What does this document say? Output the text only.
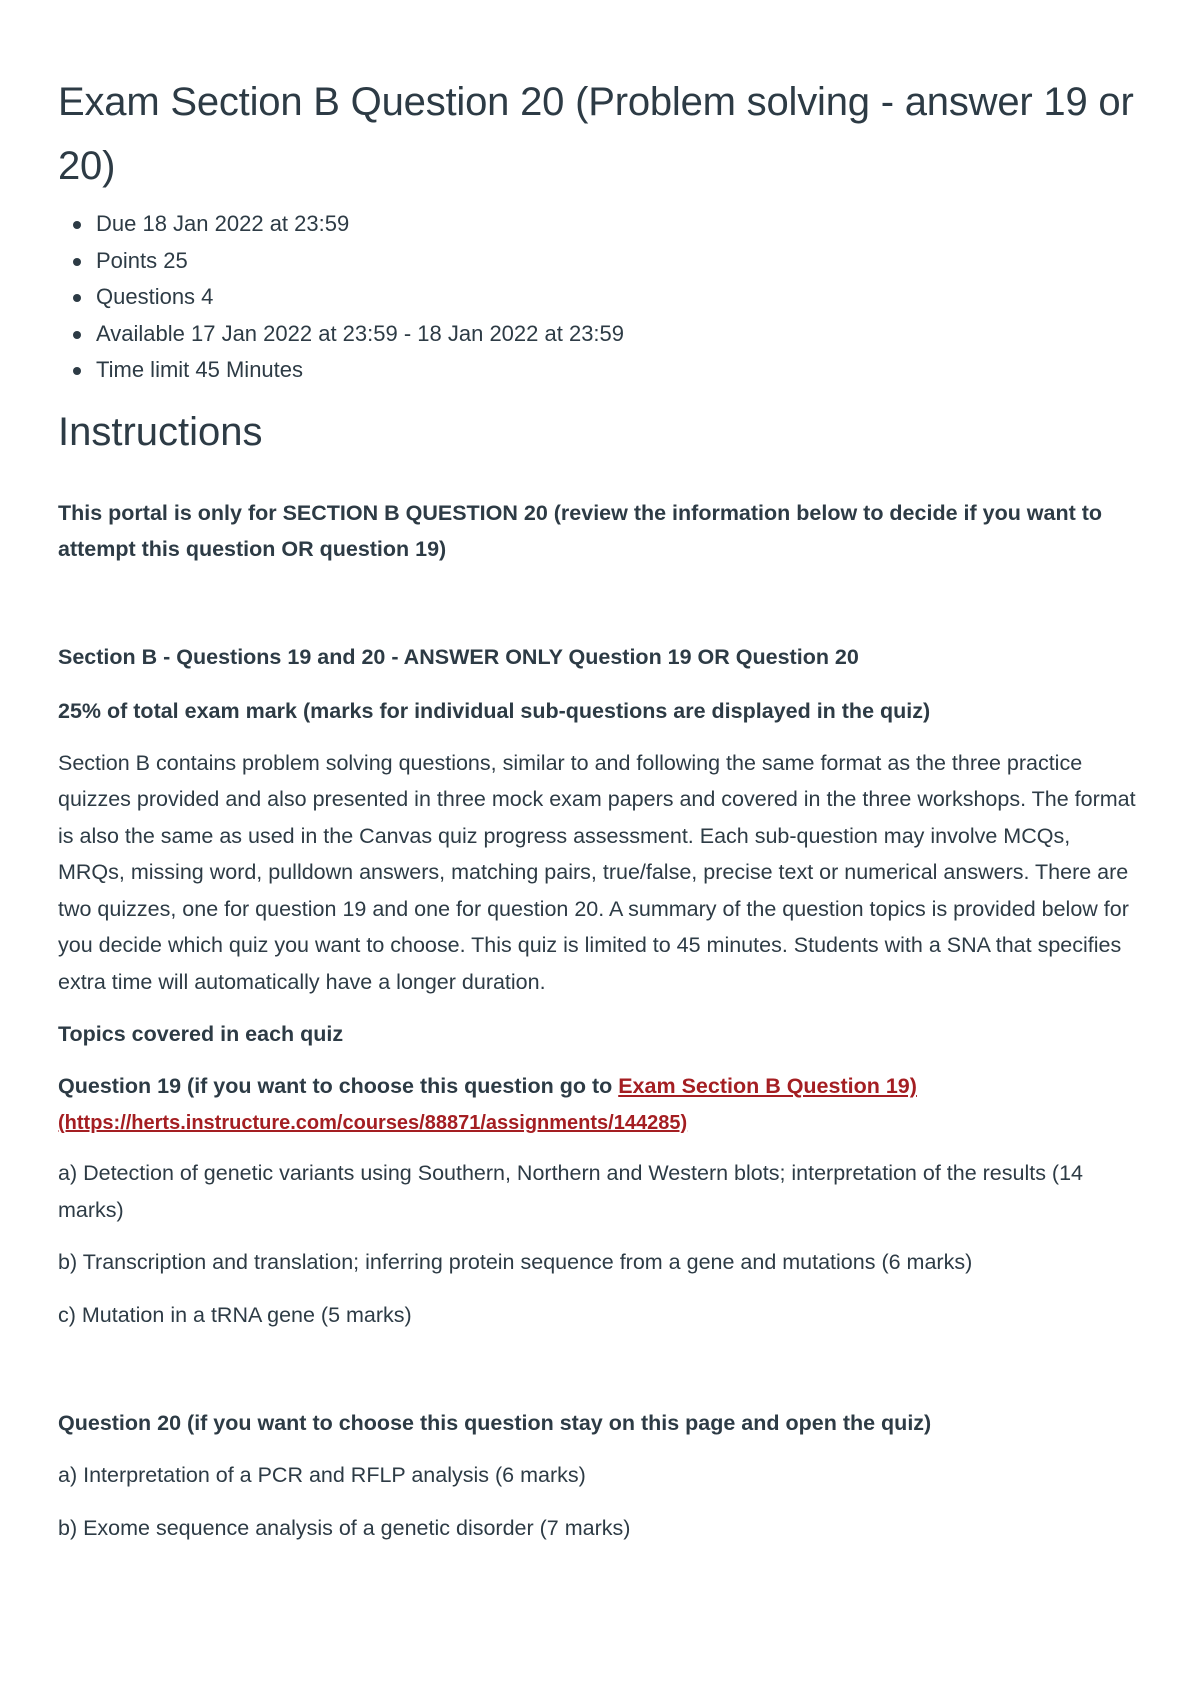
Exam Section B Question 20 (Problem solving - answer 19 or 20)
Due 18 Jan 2022 at 23:59
Points 25
Questions 4
Available 17 Jan 2022 at 23:59 - 18 Jan 2022 at 23:59
Time limit 45 Minutes
Instructions

This portal is only for SECTION B QUESTION 20 (review the information below to decide if you want to attempt this question OR question 19)

Section B - Questions 19 and 20 - ANSWER ONLY Question 19 OR Question 20

25% of total exam mark (marks for individual sub-questions are displayed in the quiz)

Section B contains problem solving questions, similar to and following the same format as the three practice quizzes provided and also presented in three mock exam papers and covered in the three workshops. The format is also the same as used in the Canvas quiz progress assessment. Each sub-question may involve MCQs, MRQs, missing word, pulldown answers, matching pairs, true/false, precise text or numerical answers. There are two quizzes, one for question 19 and one for question 20. A summary of the question topics is provided below for you decide which quiz you want to choose. This quiz is limited to 45 minutes. Students with a SNA that specifies extra time will automatically have a longer duration.

Topics covered in each quiz

Question 19 (if you want to choose this question go to Exam Section B Question 19)
(https://herts.instructure.com/courses/88871/assignments/144285)

a) Detection of genetic variants using Southern, Northern and Western blots; interpretation of the results (14 marks)

b) Transcription and translation; inferring protein sequence from a gene and mutations (6 marks)

c) Mutation in a tRNA gene (5 marks)

Question 20 (if you want to choose this question stay on this page and open the quiz)

a) Interpretation of a PCR and RFLP analysis (6 marks)

b) Exome sequence analysis of a genetic disorder (7 marks)
